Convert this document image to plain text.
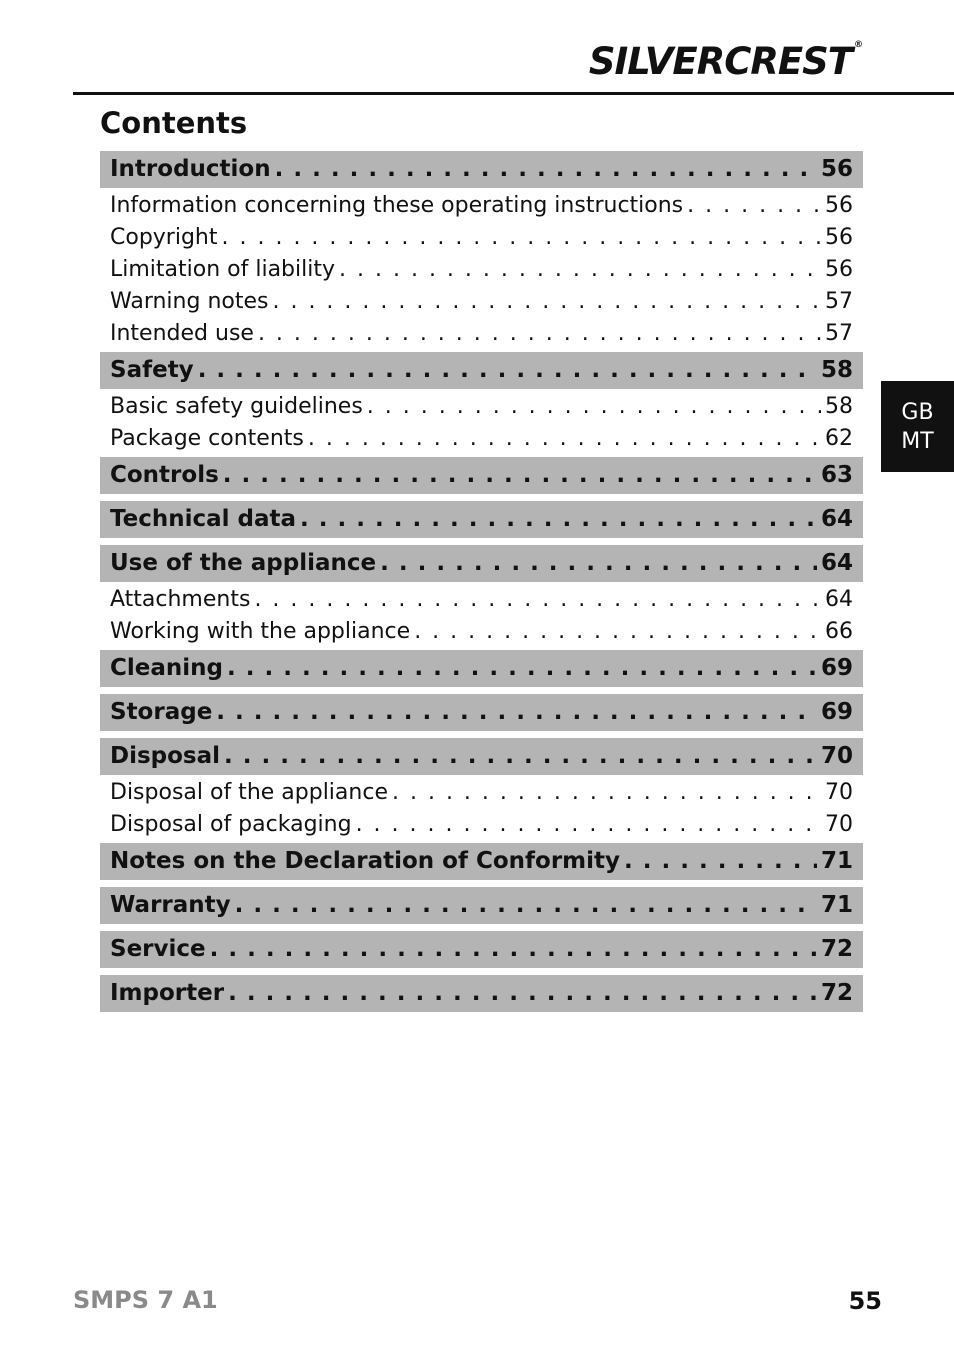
SILVERCREST ®
Contents
Introduction . . .	56
Information concerning these operating instructions . . .	56
Copyright . . .	56
Limitation of liability . . .	56
Warning notes . . .	57
Intended use . . .	57
Safety . . .	58
Basic safety guidelines . . .	58
Package contents . . .	62
Controls . . .	63
Technical data . . .	64
Use of the appliance . . .	64
Attachments . . .	64
Working with the appliance . . .	66
Cleaning . . .	69
Storage . . .	69
Disposal . . .	70
Disposal of the appliance . . .	70
Disposal of packaging . . .	70
Notes on the Declaration of Conformity . . .	71
Warranty . . .	71
Service . . .	72
Importer . . .	72
GB
MT
SMPS 7 A1	55
